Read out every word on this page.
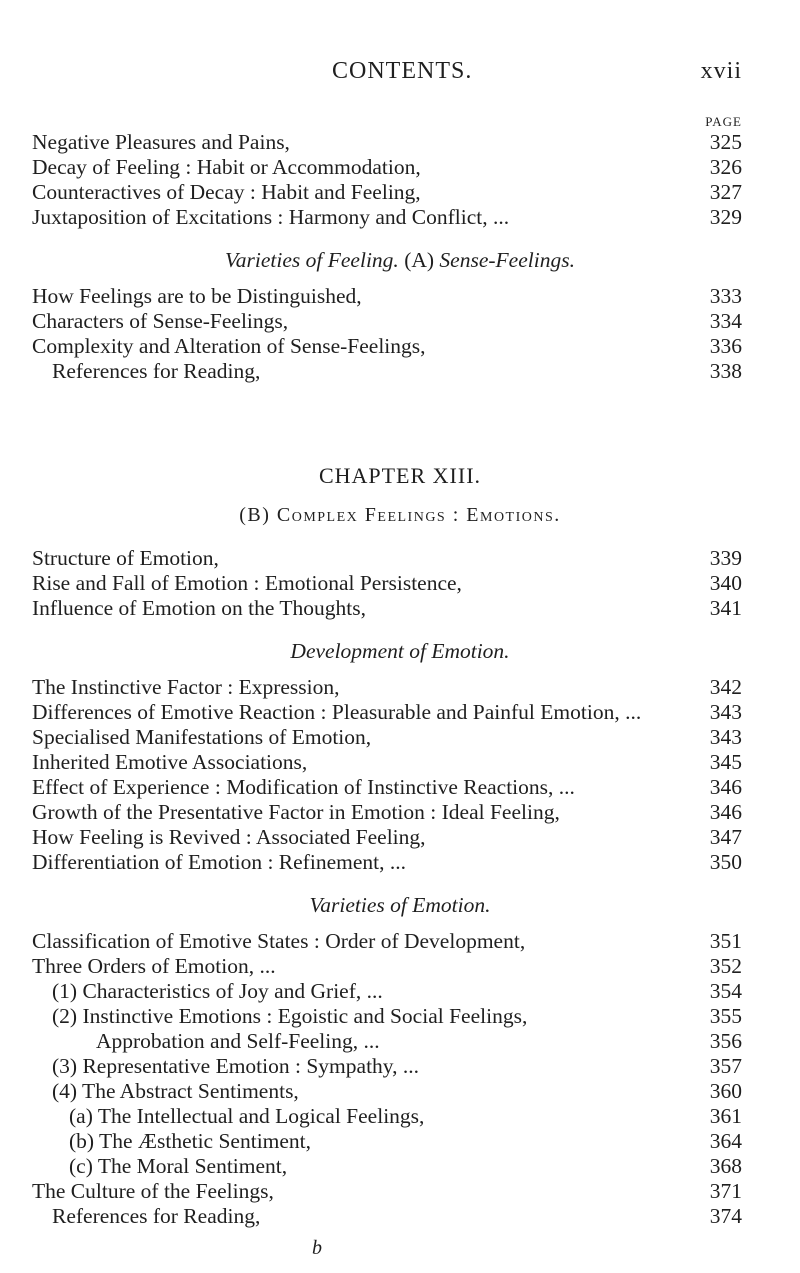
CONTENTS.	xvii
PAGE
Negative Pleasures and Pains,	325
Decay of Feeling : Habit or Accommodation,	326
Counteractives of Decay : Habit and Feeling,	327
Juxtaposition of Excitations : Harmony and Conflict, ...	329
Varieties of Feeling. (A) Sense-Feelings.
How Feelings are to be Distinguished,	333
Characters of Sense-Feelings,	334
Complexity and Alteration of Sense-Feelings,	336
References for Reading,	338
CHAPTER XIII.
(B) Complex Feelings : Emotions.
Structure of Emotion,	339
Rise and Fall of Emotion : Emotional Persistence,	340
Influence of Emotion on the Thoughts,	341
Development of Emotion.
The Instinctive Factor : Expression,	342
Differences of Emotive Reaction : Pleasurable and Painful Emotion, ...	343
Specialised Manifestations of Emotion,	343
Inherited Emotive Associations,	345
Effect of Experience : Modification of Instinctive Reactions, ...	346
Growth of the Presentative Factor in Emotion : Ideal Feeling,	346
How Feeling is Revived : Associated Feeling,	347
Differentiation of Emotion : Refinement, ...	350
Varieties of Emotion.
Classification of Emotive States : Order of Development,	351
Three Orders of Emotion, ...	352
(1) Characteristics of Joy and Grief, ...	354
(2) Instinctive Emotions : Egoistic and Social Feelings,	355
Approbation and Self-Feeling, ...	356
(3) Representative Emotion : Sympathy, ...	357
(4) The Abstract Sentiments,	360
(a) The Intellectual and Logical Feelings,	361
(b) The Æsthetic Sentiment,	364
(c) The Moral Sentiment,	368
The Culture of the Feelings,	371
References for Reading,	374
b
